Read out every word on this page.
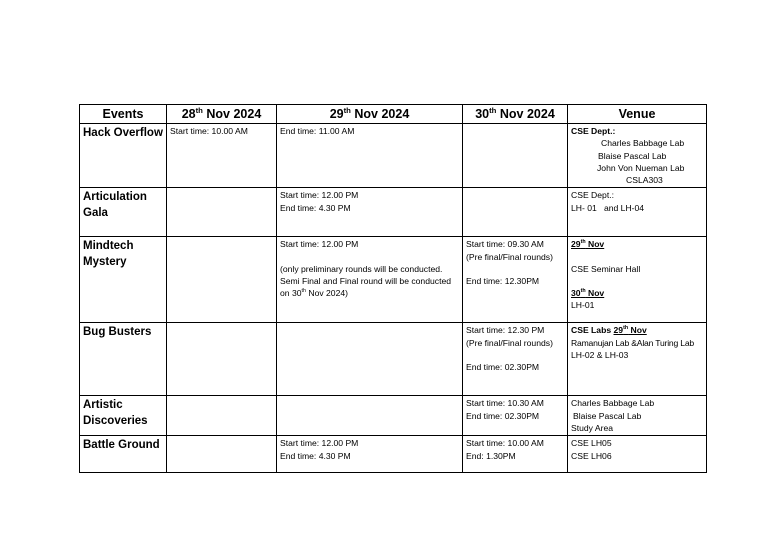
Events	28th Nov 2024	29th Nov 2024	30th Nov 2024	Venue

Hack Overflow	Start time: 10.00 AM	End time: 11.00 AM		CSE Dept.:
Charles Babbage Lab
Blaise Pascal Lab
John Von Nueman Lab
CSLA303

Articulation
Gala		Start time: 12.00 PM
End time: 4.30 PM		CSE Dept.:
LH- 01   and LH-04

Mindtech
Mystery		Start time: 12.00 PM
(only preliminary rounds will be conducted. Semi Final and Final round will be conducted on 30th Nov 2024)	Start time: 09.30 AM
(Pre final/Final rounds)
End time: 12.30PM	29th Nov
CSE Seminar Hall
30th Nov
LH-01

Bug Busters			Start time: 12.30 PM
(Pre final/Final rounds)
End time: 02.30PM	CSE Labs 29th Nov
Ramanujan Lab &Alan Turing Lab
LH-02 & LH-03

Artistic
Discoveries			Start time: 10.30 AM
End time: 02.30PM	Charles Babbage Lab
Blaise Pascal Lab
Study Area

Battle Ground		Start time: 12.00 PM
End time: 4.30 PM	Start time: 10.00 AM
End: 1.30PM	CSE LH05
CSE LH06
